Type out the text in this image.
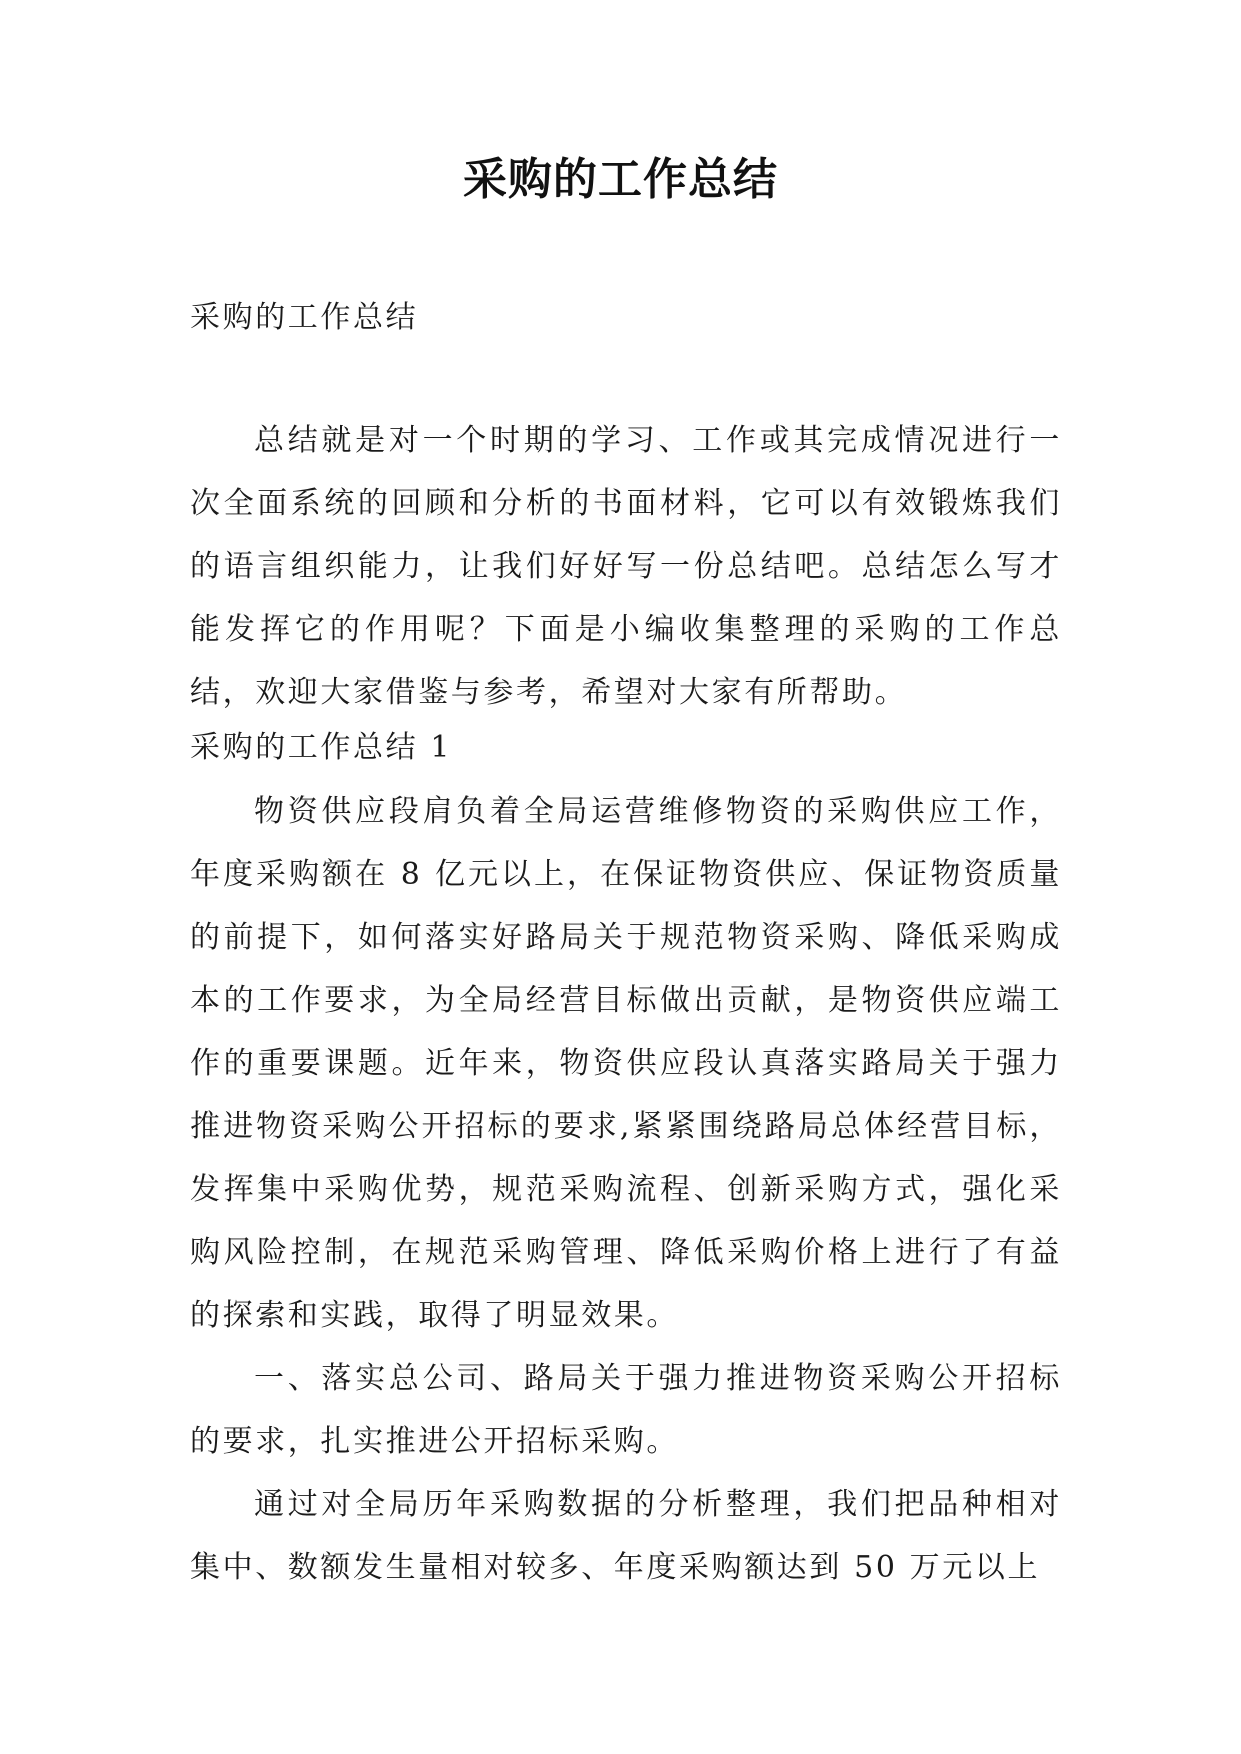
采购的工作总结
采购的工作总结

总结就是对一个时期的学习、工作或其完成情况进行一次全面系统的回顾和分析的书面材料，它可以有效锻炼我们的语言组织能力，让我们好好写一份总结吧。总结怎么写才能发挥它的作用呢？下面是小编收集整理的采购的工作总结，欢迎大家借鉴与参考，希望对大家有所帮助。

采购的工作总结 1

物资供应段肩负着全局运营维修物资的采购供应工作，年度采购额在 8 亿元以上，在保证物资供应、保证物资质量的前提下，如何落实好路局关于规范物资采购、降低采购成本的工作要求，为全局经营目标做出贡献，是物资供应端工作的重要课题。近年来，物资供应段认真落实路局关于强力推进物资采购公开招标的要求,紧紧围绕路局总体经营目标，发挥集中采购优势，规范采购流程、创新采购方式，强化采购风险控制，在规范采购管理、降低采购价格上进行了有益的探索和实践，取得了明显效果。

一、落实总公司、路局关于强力推进物资采购公开招标的要求，扎实推进公开招标采购。

通过对全局历年采购数据的分析整理，我们把品种相对集中、数额发生量相对较多、年度采购额达到 50 万元以上
